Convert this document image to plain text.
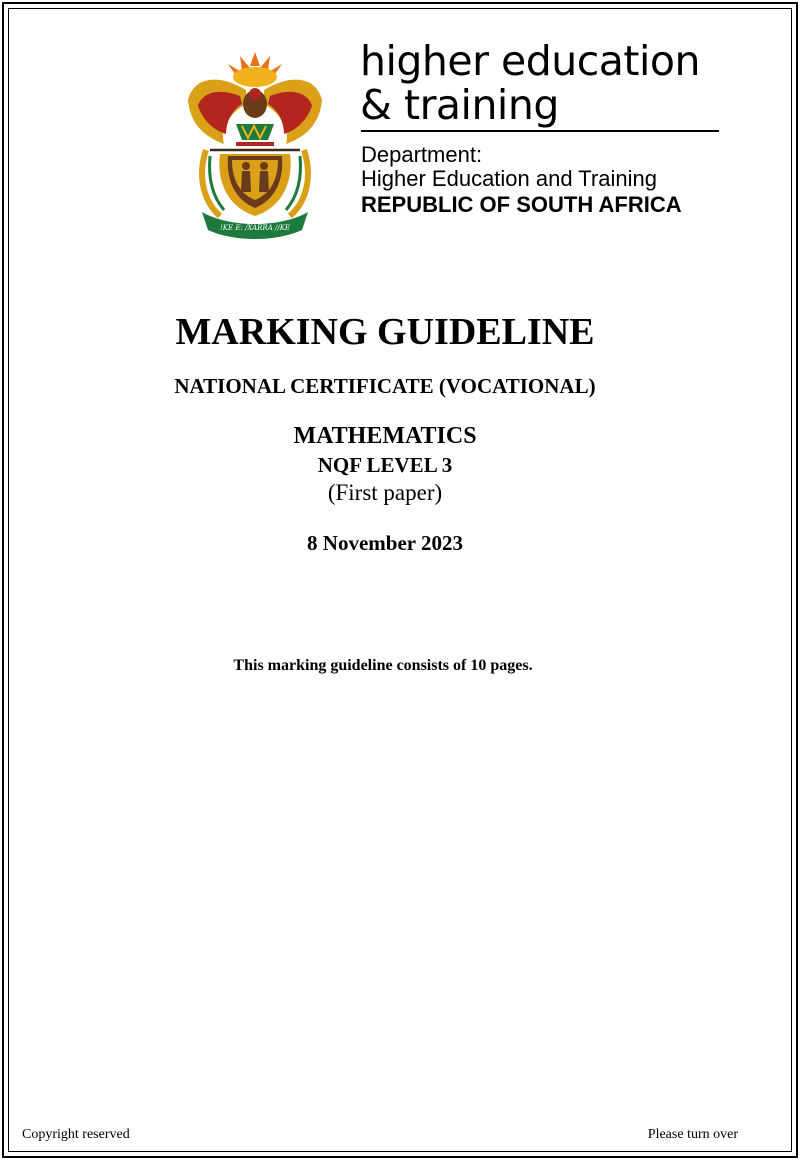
!KE E: /XARRA //KE
higher education
& training
Department:
Higher Education and Training
REPUBLIC OF SOUTH AFRICA
MARKING GUIDELINE
NATIONAL CERTIFICATE (VOCATIONAL)
MATHEMATICS
NQF LEVEL 3
(First paper)
8 November 2023
This marking guideline consists of 10 pages.
Copyright reserved	Please turn over
